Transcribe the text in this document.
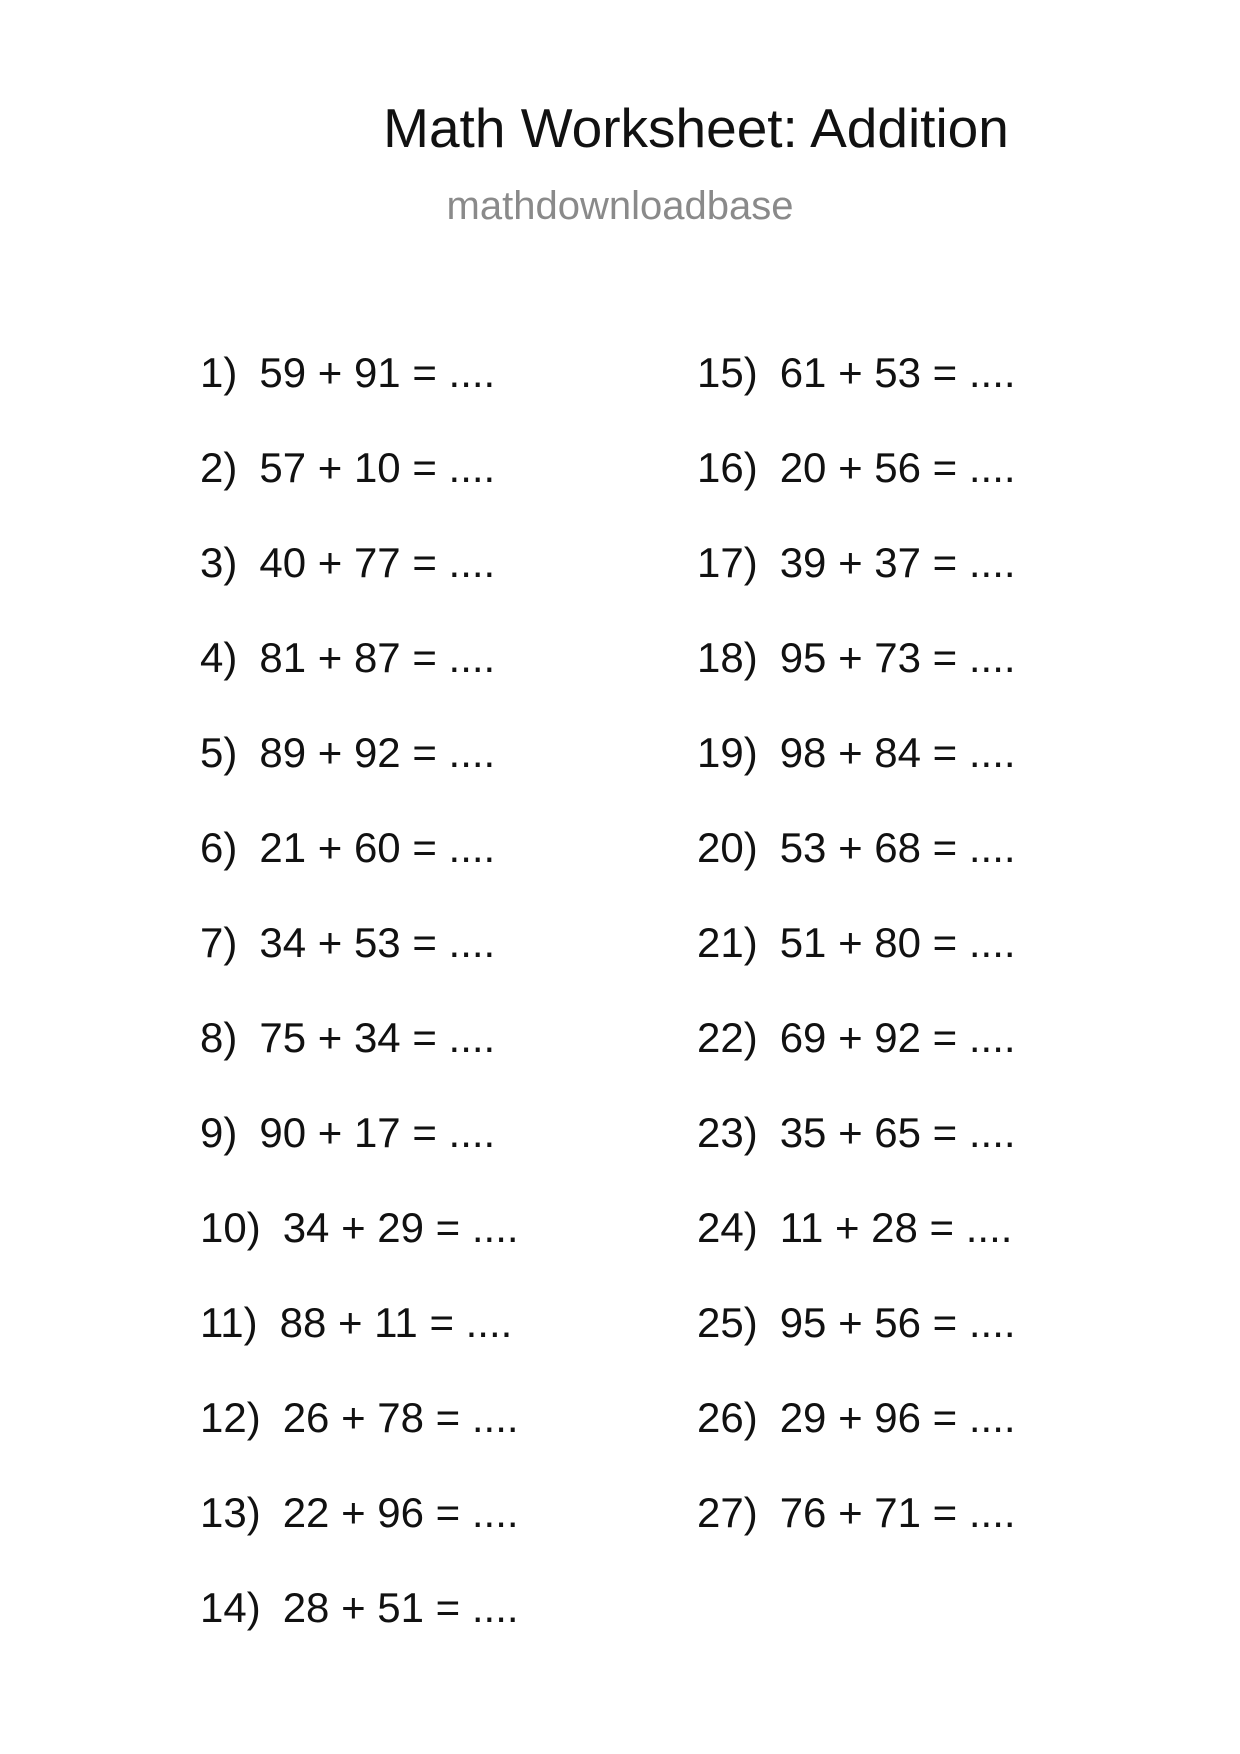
Math Worksheet: Addition
mathdownloadbase
1) 59 + 91 = ....
2) 57 + 10 = ....
3) 40 + 77 = ....
4) 81 + 87 = ....
5) 89 + 92 = ....
6) 21 + 60 = ....
7) 34 + 53 = ....
8) 75 + 34 = ....
9) 90 + 17 = ....
10) 34 + 29 = ....
11) 88 + 11 = ....
12) 26 + 78 = ....
13) 22 + 96 = ....
14) 28 + 51 = ....
15) 61 + 53 = ....
16) 20 + 56 = ....
17) 39 + 37 = ....
18) 95 + 73 = ....
19) 98 + 84 = ....
20) 53 + 68 = ....
21) 51 + 80 = ....
22) 69 + 92 = ....
23) 35 + 65 = ....
24) 11 + 28 = ....
25) 95 + 56 = ....
26) 29 + 96 = ....
27) 76 + 71 = ....
